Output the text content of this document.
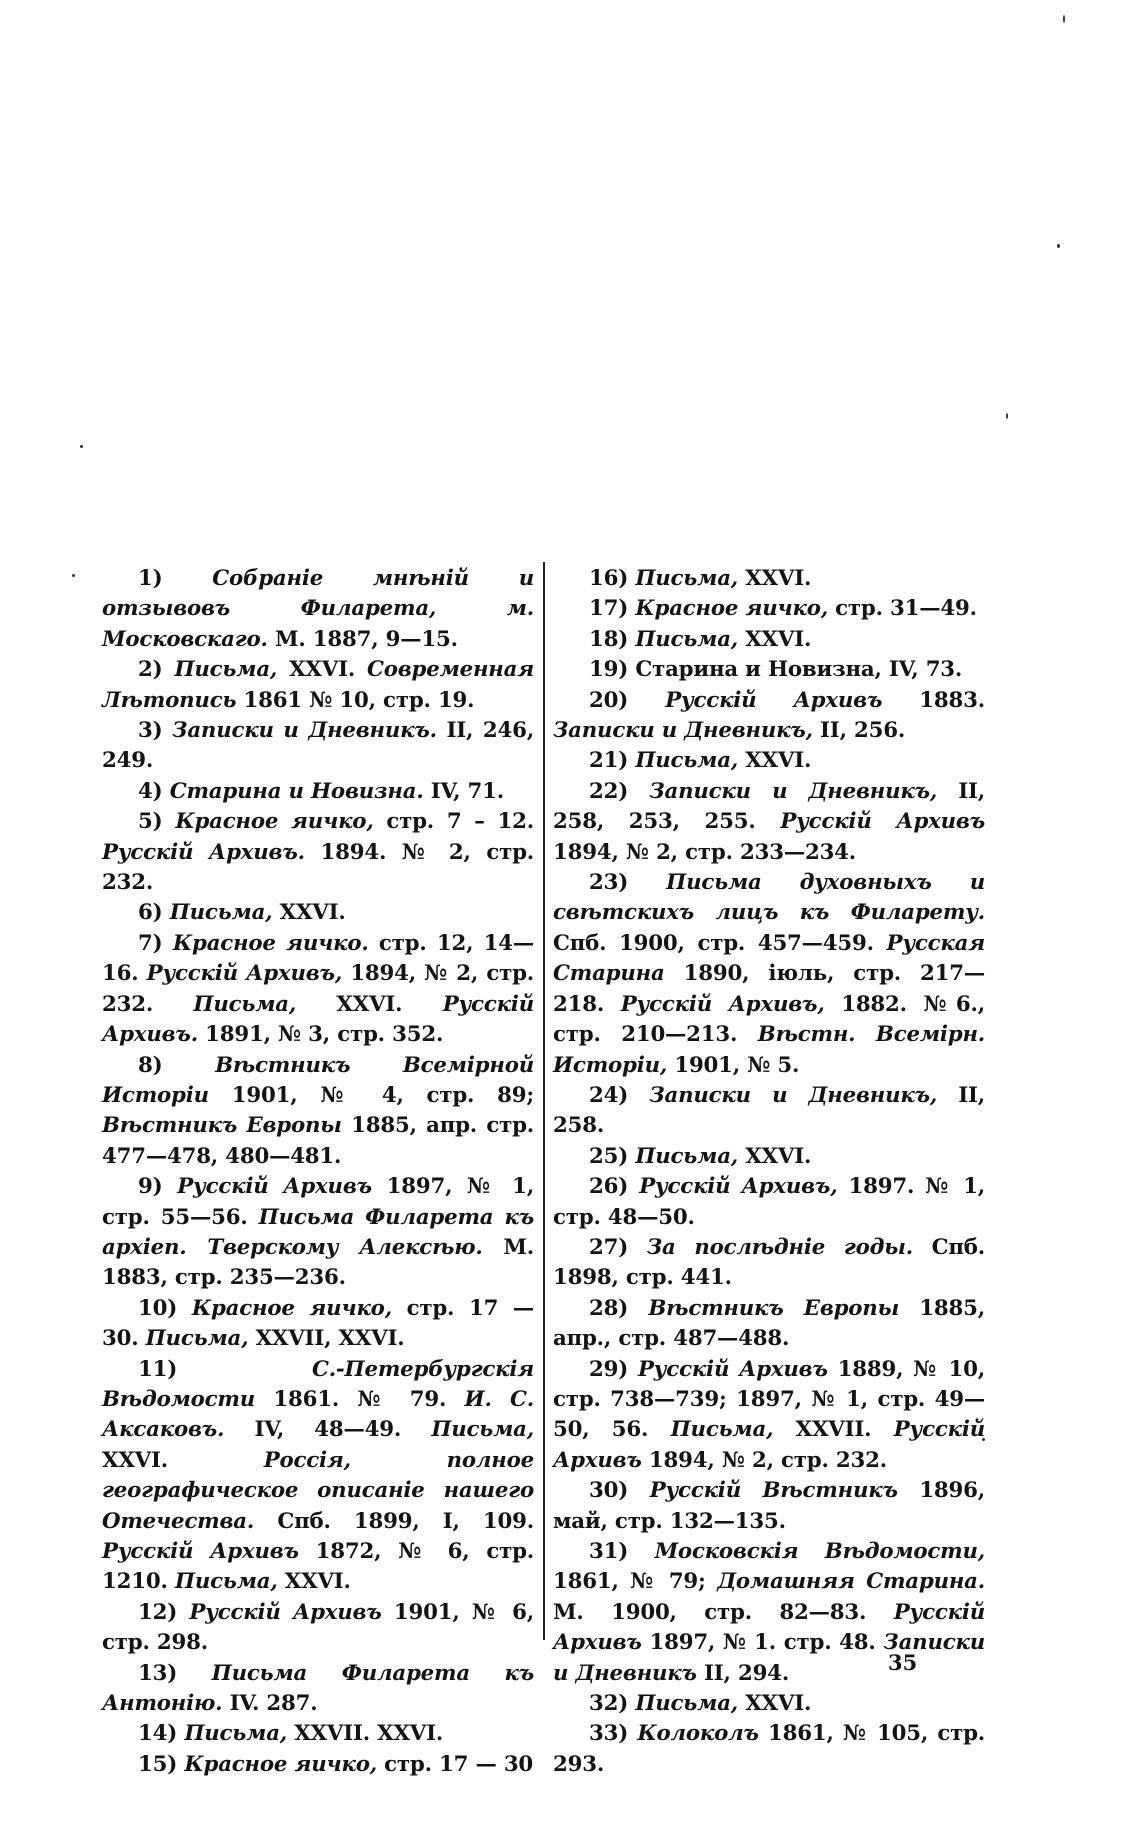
1) Собраніе мнѣній и отзывовъ Филарета, м. Московскаго. М. 1887, 9—15.

2) Письма, XXVI. Современная Лѣтопись 1861 № 10, стр. 19.

3) Записки и Дневникъ. II, 246, 249.

4) Старина и Новизна. IV, 71.

5) Красное яичко, стр. 7 – 12. Русскій Архивъ. 1894. № 2, стр. 232.

6) Письма, XXVI.

7) Красное яичко. стр. 12, 14—16. Русскій Архивъ, 1894, № 2, стр. 232. Письма, XXVI. Русскій Архивъ. 1891, № 3, стр. 352.

8) Вѣстникъ Всемірной Исторіи 1901, № 4, стр. 89; Вѣстникъ Европы 1885, апр. стр. 477—478, 480—481.

9) Русскій Архивъ 1897, № 1, стр. 55—56. Письма Филарета къ архіеп. Тверскому Алексѣю. М. 1883, стр. 235—236.

10) Красное яичко, стр. 17 — 30. Письма, XXVII, XXVI.

11) С.-Петербургскія Вѣдомости 1861. № 79. И. С. Аксаковъ. IV, 48—49. Письма, XXVI. Россія, полное географическое описаніе нашего Отечества. Спб. 1899, I, 109. Русскій Архивъ 1872, № 6, стр. 1210. Письма, XXVI.

12) Русскій Архивъ 1901, № 6, стр. 298.

13) Письма Филарета къ Антонію. IV. 287.

14) Письма, XXVII. XXVI.

15) Красное яичко, стр. 17 — 30

16) Письма, XXVI.

17) Красное яичко, стр. 31—49.

18) Письма, XXVI.

19) Старина и Новизна, IV, 73.

20) Русскій Архивъ 1883. Записки и Дневникъ, II, 256.

21) Письма, XXVI.

22) Записки и Дневникъ, II, 258, 253, 255. Русскій Архивъ 1894, № 2, стр. 233—234.

23) Письма духовныхъ и свѣтскихъ лицъ къ Филарету. Спб. 1900, стр. 457—459. Русская Старина 1890, іюль, стр. 217—218. Русскій Архивъ, 1882. №6., стр. 210—213. Вѣстн. Всемірн. Исторіи, 1901, № 5.

24) Записки и Дневникъ, II, 258.

25) Письма, XXVI.

26) Русскій Архивъ, 1897. № 1, стр. 48—50.

27) За послѣдніе годы. Спб. 1898, стр. 441.

28) Вѣстникъ Европы 1885, апр., стр. 487—488.

29) Русскій Архивъ 1889, № 10, стр. 738—739; 1897, № 1, стр. 49—50, 56. Письма, XXVII. Русскій Архивъ 1894, № 2, стр. 232.

30) Русскій Вѣстникъ 1896, май, стр. 132—135.

31) Московскія Вѣдомости, 1861, № 79; Домашняя Старина. М. 1900, стр. 82—83. Русскій Архивъ 1897, № 1. стр. 48. Записки и Дневникъ II, 294.

32) Письма, XXVI.

33) Колоколъ 1861, № 105, стр. 293.

35
